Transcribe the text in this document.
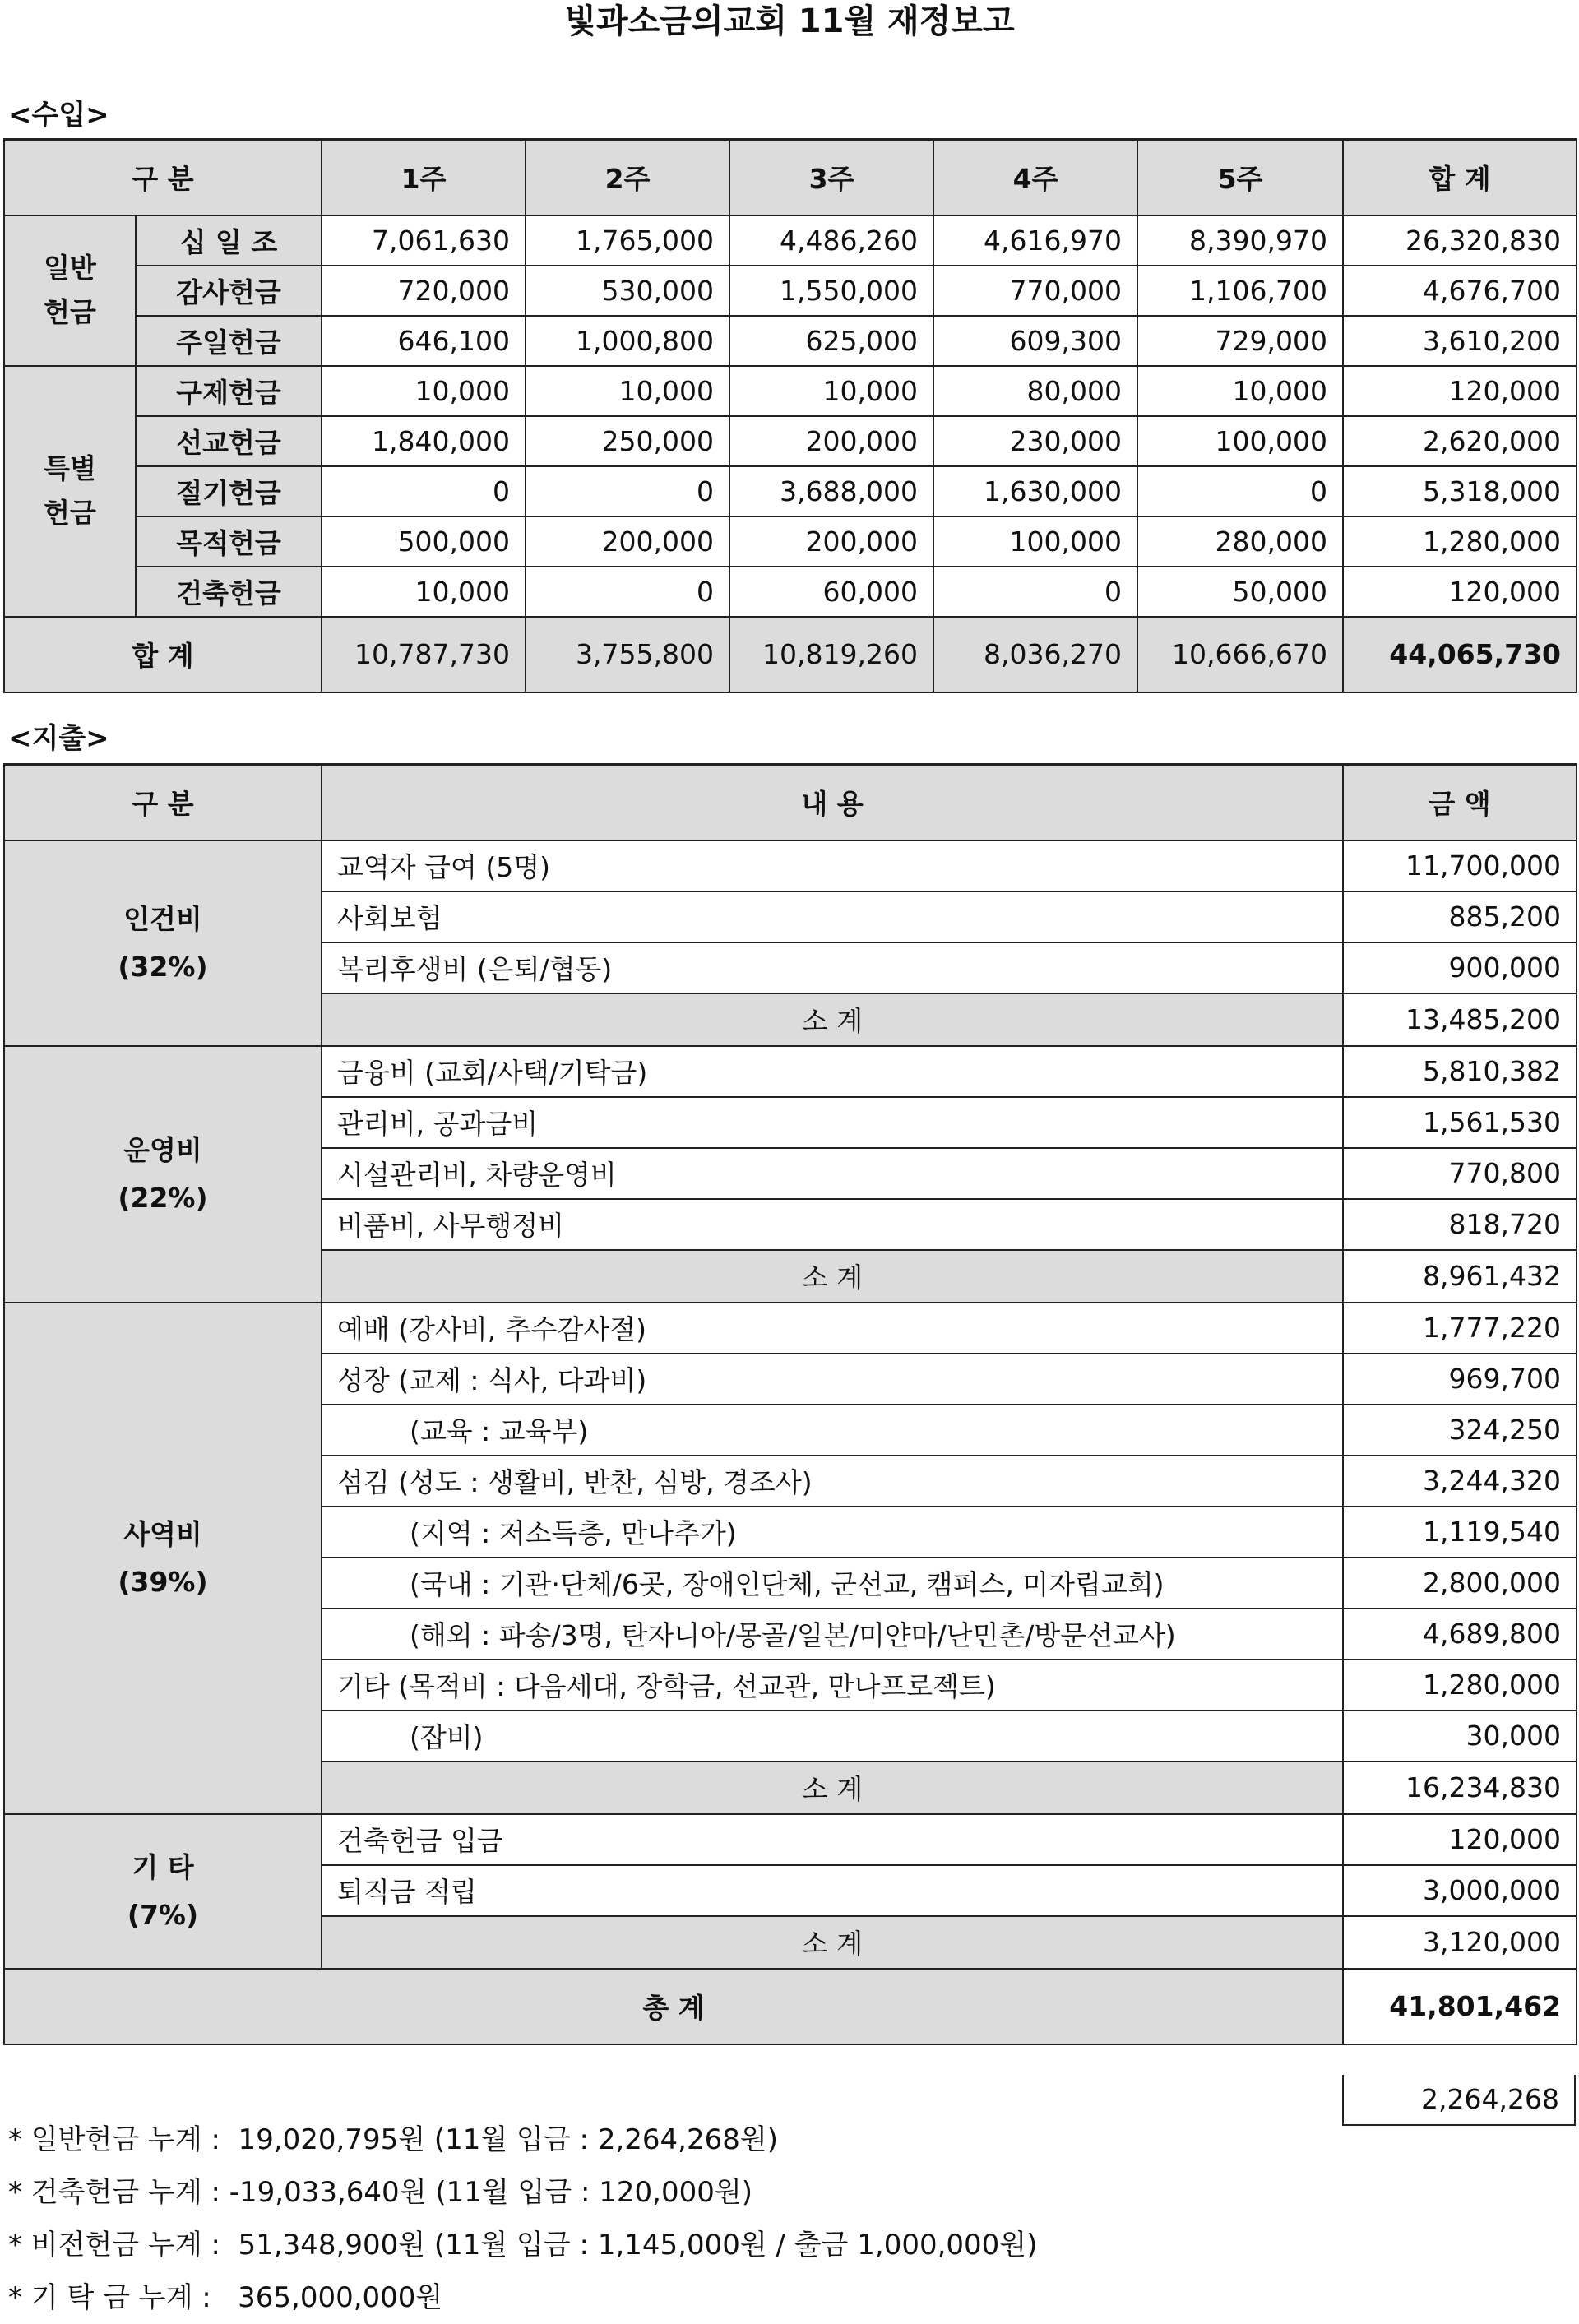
빛과소금의교회 11월 재정보고
<수입>
구 분		1주	2주	3주	4주	5주	합 계
일반
헌금	십 일 조	7,061,630	1,765,000	4,486,260	4,616,970	8,390,970	26,320,830
	감사헌금	720,000	530,000	1,550,000	770,000	1,106,700	4,676,700
	주일헌금	646,100	1,000,800	625,000	609,300	729,000	3,610,200
특별
헌금	구제헌금	10,000	10,000	10,000	80,000	10,000	120,000
	선교헌금	1,840,000	250,000	200,000	230,000	100,000	2,620,000
	절기헌금	0	0	3,688,000	1,630,000	0	5,318,000
	목적헌금	500,000	200,000	200,000	100,000	280,000	1,280,000
	건축헌금	10,000	0	60,000	0	50,000	120,000
합 계		10,787,730	3,755,800	10,819,260	8,036,270	10,666,670	44,065,730
<지출>
구 분	내 용	금 액

인건비
(32%)	교역자 급여 (5명)	11,700,000
	사회보험	885,200
	복리후생비 (은퇴/협동)	900,000
	소 계	13,485,200

운영비
(22%)	금융비 (교회/사택/기탁금)	5,810,382
	관리비, 공과금비	1,561,530
	시설관리비, 차량운영비	770,800
	비품비, 사무행정비	818,720
	소 계	8,961,432

사역비
(39%)	예배 (강사비, 추수감사절)	1,777,220
	성장 (교제 : 식사, 다과비)	969,700
	(교육 : 교육부)	324,250
	섬김 (성도 : 생활비, 반찬, 심방, 경조사)	3,244,320
	(지역 : 저소득층, 만나추가)	1,119,540
	(국내 : 기관·단체/6곳, 장애인단체, 군선교, 캠퍼스, 미자립교회)	2,800,000
	(해외 : 파송/3명, 탄자니아/몽골/일본/미얀마/난민촌/방문선교사)	4,689,800
	기타 (목적비 : 다음세대, 장학금, 선교관, 만나프로젝트)	1,280,000
	(잡비)	30,000
	소 계	16,234,830

기 타
(7%)	건축헌금 입금	120,000
	퇴직금 적립	3,000,000
	소 계	3,120,000
총 계		41,801,462
2,264,268
* 일반헌금 누계 :  19,020,795원 (11월 입금 : 2,264,268원)
* 건축헌금 누계 : -19,033,640원 (11월 입금 : 120,000원)
* 비전헌금 누계 :  51,348,900원 (11월 입금 : 1,145,000원 / 출금 1,000,000원)
* 기 탁 금 누계 :   365,000,000원
